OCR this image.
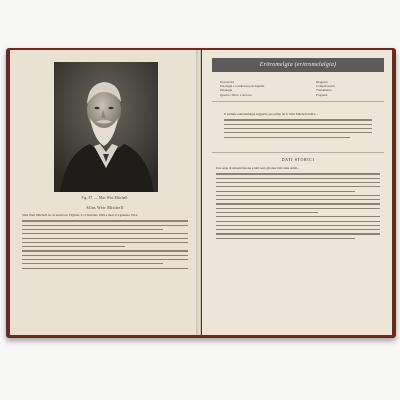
Fig. 87. — Mac Wirt Mitchell.
Silas Weir Mitchell
Silas Weir Mitchell, fu, di nascita in Virginia, il 15 febbraio 1829 e morì il 4 gennaio 1914.
Eritromelgia (eritromelalgia)
Dati storici
Eziologia e condizioni patologiche
Patologia
Quadro clinico e decorso
Diagnosi
Complicazioni
Trattamento
Prognosi
Il termine eritromelalgia suggerito per primo da S. Weir Mitchell indica...
DATI STORICI
Una serie di sintomi furono a tutti noti, già descritti come entità...
